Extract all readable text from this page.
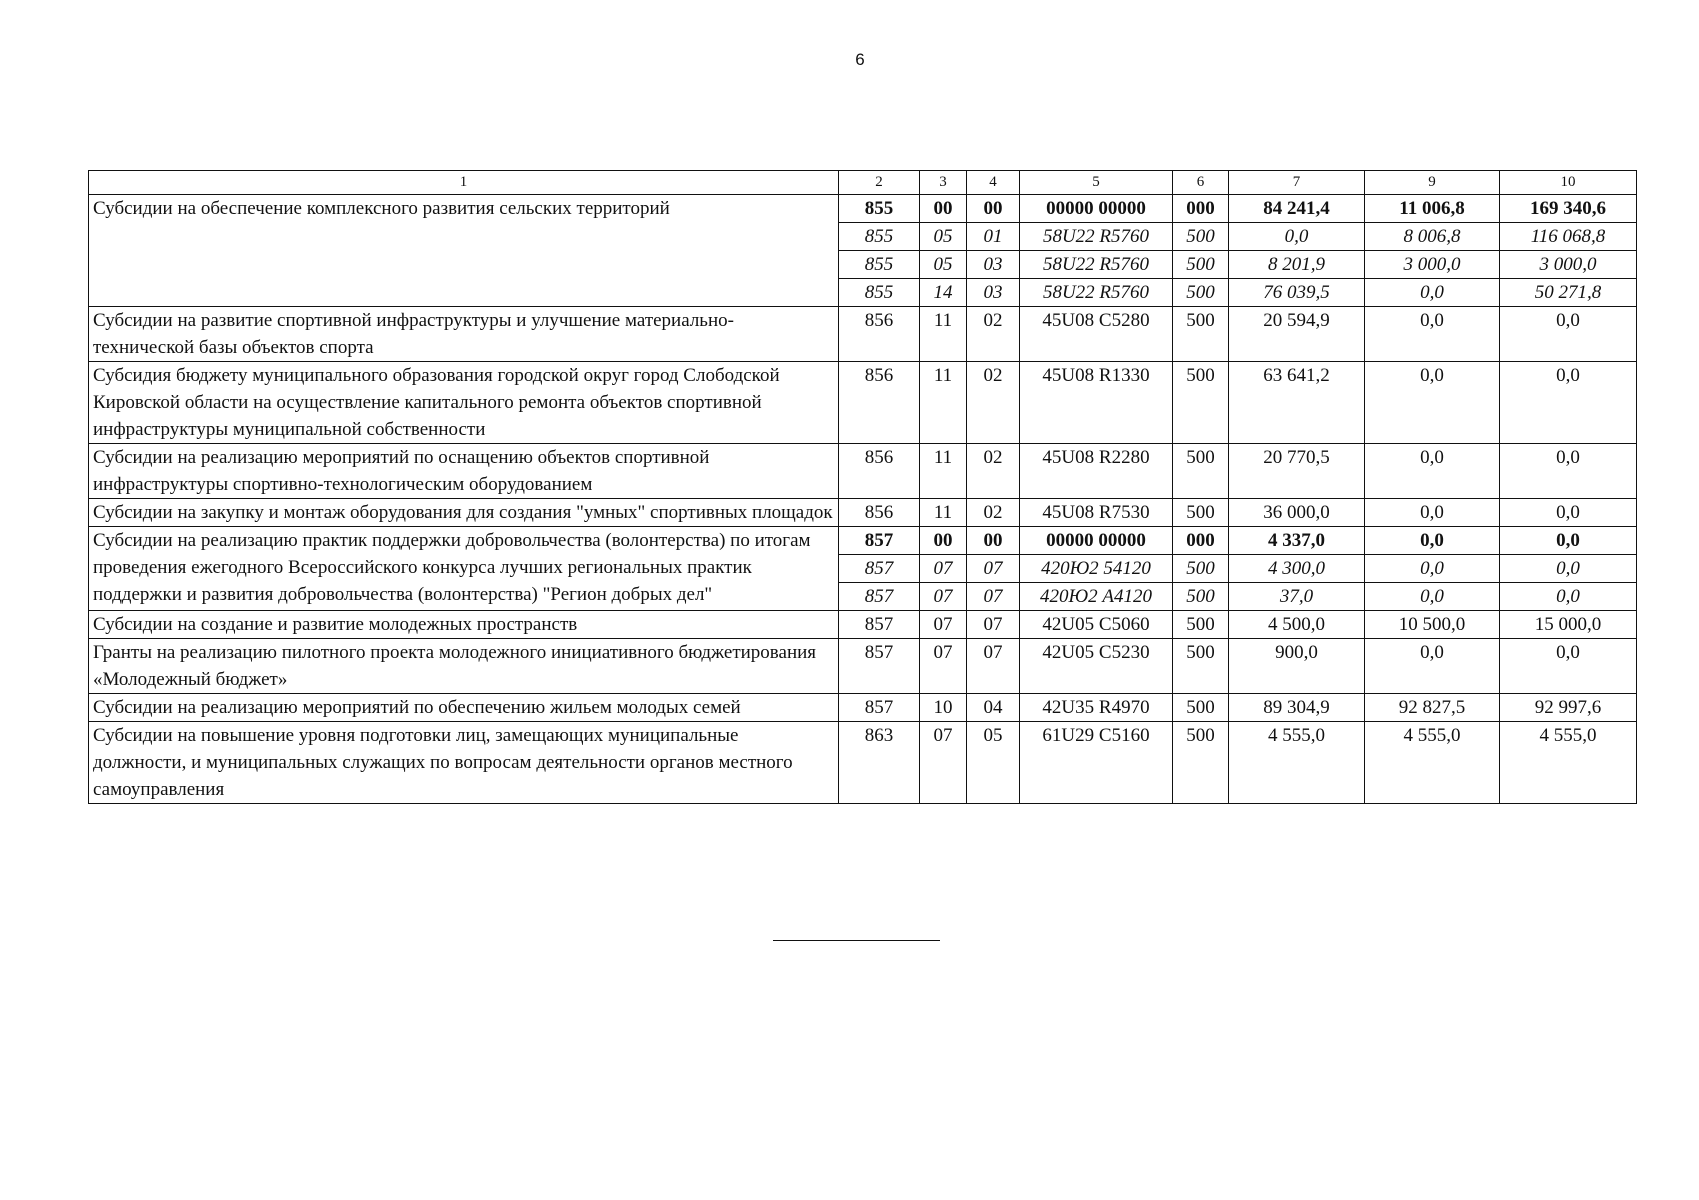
6
1	2	3	4	5	6	7	9	10
Субсидии на обеспечение комплексного развития сельских территорий	855	00	00	00000 00000	000	84 241,4	11 006,8	169 340,6
	855	05	01	58U22 R5760	500	0,0	8 006,8	116 068,8
	855	05	03	58U22 R5760	500	8 201,9	3 000,0	3 000,0
	855	14	03	58U22 R5760	500	76 039,5	0,0	50 271,8
Субсидии на развитие спортивной инфраструктуры и улучшение материально-технической базы объектов спорта	856	11	02	45U08 C5280	500	20 594,9	0,0	0,0
Субсидия бюджету муниципального образования городской округ город Слободской Кировской области на осуществление капитального ремонта объектов спортивной инфраструктуры муниципальной собственности	856	11	02	45U08 R1330	500	63 641,2	0,0	0,0
Субсидии на реализацию мероприятий по оснащению объектов спортивной инфраструктуры спортивно-технологическим оборудованием	856	11	02	45U08 R2280	500	20 770,5	0,0	0,0
Субсидии на закупку и монтаж оборудования для создания "умных" спортивных площадок	856	11	02	45U08 R7530	500	36 000,0	0,0	0,0
Субсидии на реализацию практик поддержки добровольчества (волонтерства) по итогам проведения ежегодного Всероссийского конкурса лучших региональных практик поддержки и развития добровольчества (волонтерства) "Регион добрых дел"	857	00	00	00000 00000	000	4 337,0	0,0	0,0
	857	07	07	420Ю2 54120	500	4 300,0	0,0	0,0
	857	07	07	420Ю2 A4120	500	37,0	0,0	0,0
Субсидии на создание и развитие молодежных пространств	857	07	07	42U05 C5060	500	4 500,0	10 500,0	15 000,0
Гранты на реализацию пилотного проекта молодежного инициативного бюджетирования «Молодежный бюджет»	857	07	07	42U05 C5230	500	900,0	0,0	0,0
Субсидии на реализацию мероприятий по обеспечению жильем молодых семей	857	10	04	42U35 R4970	500	89 304,9	92 827,5	92 997,6
Субсидии на повышение уровня подготовки лиц, замещающих муниципальные должности, и муниципальных служащих по вопросам деятельности органов местного самоуправления	863	07	05	61U29 C5160	500	4 555,0	4 555,0	4 555,0
